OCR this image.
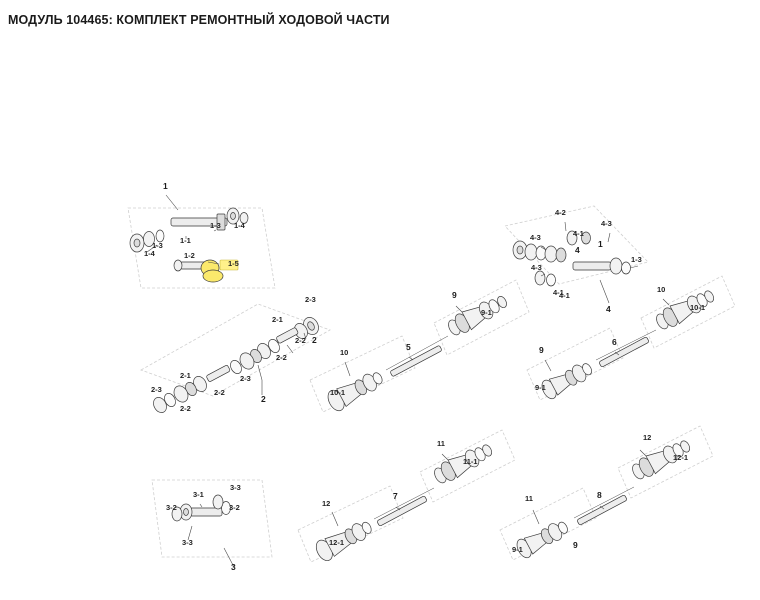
МОДУЛЬ 104465: КОМПЛЕКТ РЕМОНТНЫЙ ХОДОВОЙ ЧАСТИ
1
1-1
1-3
1-3 1-4
1-4	1-2
1-5
2
2-1
2-1
2-2
2-2
2-2
2-2
2-3
2-3
2-3
2
3
3-1
3-2	3-2
3-3
3-3
4
4-1
4-1
4-1
4-2
4-3
4-3
4-3
4
1
1-3
5	6
7	8
9
9-1
9
9-1
9-1	9
10
10-1
10
10-1
11
11-1
11
12
12-1
12
12-1
